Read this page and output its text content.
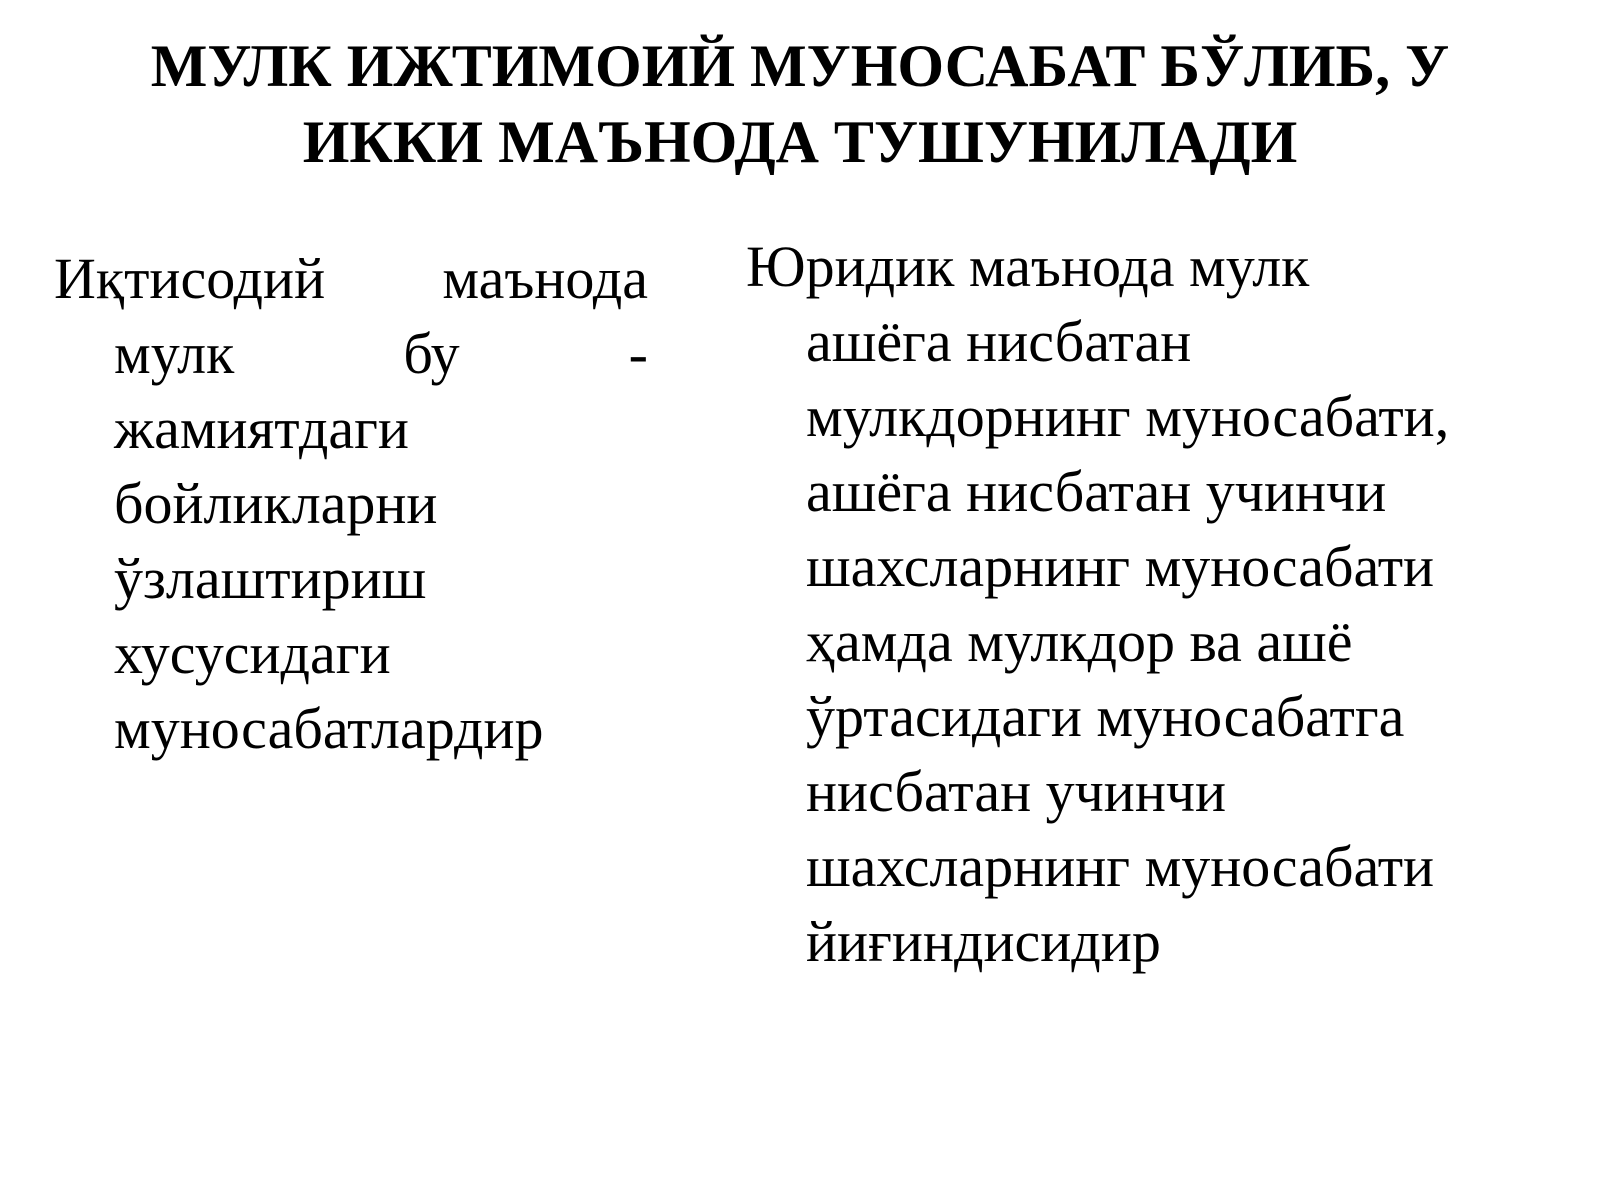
МУЛК ИЖТИМОИЙ МУНОСАБАТ БЎЛИБ, У
ИККИ МАЪНОДА ТУШУНИЛАДИ
Иқтисодий маънода
мулк	бу	-
жамиятдаги
бойликларни
ўзлаштириш
хусусидаги
муносабатлардир
Юридик маънода мулк
ашёга нисбатан
мулкдорнинг муносабати,
ашёга нисбатан учинчи
шахсларнинг муносабати
ҳамда мулкдор ва ашё
ўртасидаги муносабатга
нисбатан учинчи
шахсларнинг муносабати
йиғиндисидир
